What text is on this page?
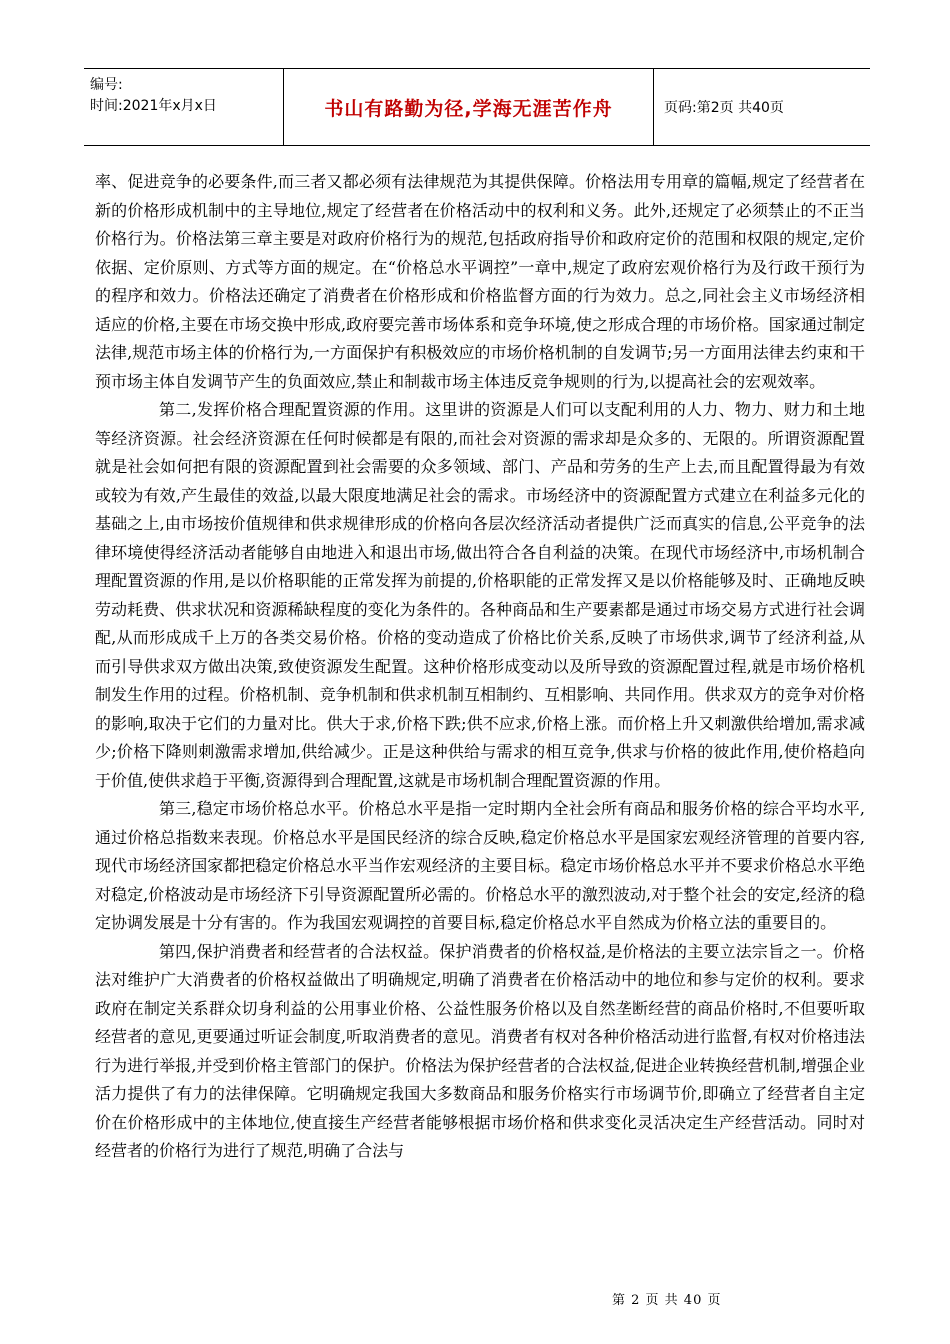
编号:
时间:2021年x月x日	书山有路勤为径,学海无涯苦作舟	页码:第2页 共40页

率、促进竞争的必要条件,而三者又都必须有法律规范为其提供保障。价格法用专用章的篇幅,规定了经营者在新的价格形成机制中的主导地位,规定了经营者在价格活动中的权利和义务。此外,还规定了必须禁止的不正当价格行为。价格法第三章主要是对政府价格行为的规范,包括政府指导价和政府定价的范围和权限的规定,定价依据、定价原则、方式等方面的规定。在“价格总水平调控”一章中,规定了政府宏观价格行为及行政干预行为的程序和效力。价格法还确定了消费者在价格形成和价格监督方面的行为效力。总之,同社会主义市场经济相适应的价格,主要在市场交换中形成,政府要完善市场体系和竞争环境,使之形成合理的市场价格。国家通过制定法律,规范市场主体的价格行为,一方面保护有积极效应的市场价格机制的自发调节;另一方面用法律去约束和干预市场主体自发调节产生的负面效应,禁止和制裁市场主体违反竞争规则的行为,以提高社会的宏观效率。

第二,发挥价格合理配置资源的作用。这里讲的资源是人们可以支配利用的人力、物力、财力和土地等经济资源。社会经济资源在任何时候都是有限的,而社会对资源的需求却是众多的、无限的。所谓资源配置就是社会如何把有限的资源配置到社会需要的众多领域、部门、产品和劳务的生产上去,而且配置得最为有效或较为有效,产生最佳的效益,以最大限度地满足社会的需求。市场经济中的资源配置方式建立在利益多元化的基础之上,由市场按价值规律和供求规律形成的价格向各层次经济活动者提供广泛而真实的信息,公平竞争的法律环境使得经济活动者能够自由地进入和退出市场,做出符合各自利益的决策。在现代市场经济中,市场机制合理配置资源的作用,是以价格职能的正常发挥为前提的,价格职能的正常发挥又是以价格能够及时、正确地反映劳动耗费、供求状况和资源稀缺程度的变化为条件的。各种商品和生产要素都是通过市场交易方式进行社会调配,从而形成成千上万的各类交易价格。价格的变动造成了价格比价关系,反映了市场供求,调节了经济利益,从而引导供求双方做出决策,致使资源发生配置。这种价格形成变动以及所导致的资源配置过程,就是市场价格机制发生作用的过程。价格机制、竞争机制和供求机制互相制约、互相影响、共同作用。供求双方的竞争对价格的影响,取决于它们的力量对比。供大于求,价格下跌;供不应求,价格上涨。而价格上升又刺激供给增加,需求减少;价格下降则刺激需求增加,供给减少。正是这种供给与需求的相互竞争,供求与价格的彼此作用,使价格趋向于价值,使供求趋于平衡,资源得到合理配置,这就是市场机制合理配置资源的作用。

第三,稳定市场价格总水平。价格总水平是指一定时期内全社会所有商品和服务价格的综合平均水平,通过价格总指数来表现。价格总水平是国民经济的综合反映,稳定价格总水平是国家宏观经济管理的首要内容,现代市场经济国家都把稳定价格总水平当作宏观经济的主要目标。稳定市场价格总水平并不要求价格总水平绝对稳定,价格波动是市场经济下引导资源配置所必需的。价格总水平的激烈波动,对于整个社会的安定,经济的稳定协调发展是十分有害的。作为我国宏观调控的首要目标,稳定价格总水平自然成为价格立法的重要目的。

第四,保护消费者和经营者的合法权益。保护消费者的价格权益,是价格法的主要立法宗旨之一。价格法对维护广大消费者的价格权益做出了明确规定,明确了消费者在价格活动中的地位和参与定价的权利。要求政府在制定关系群众切身利益的公用事业价格、公益性服务价格以及自然垄断经营的商品价格时,不但要听取经营者的意见,更要通过听证会制度,听取消费者的意见。消费者有权对各种价格活动进行监督,有权对价格违法行为进行举报,并受到价格主管部门的保护。价格法为保护经营者的合法权益,促进企业转换经营机制,增强企业活力提供了有力的法律保障。它明确规定我国大多数商品和服务价格实行市场调节价,即确立了经营者自主定价在价格形成中的主体地位,使直接生产经营者能够根据市场价格和供求变化灵活决定生产经营活动。同时对经营者的价格行为进行了规范,明确了合法与

第 2 页 共 40 页
